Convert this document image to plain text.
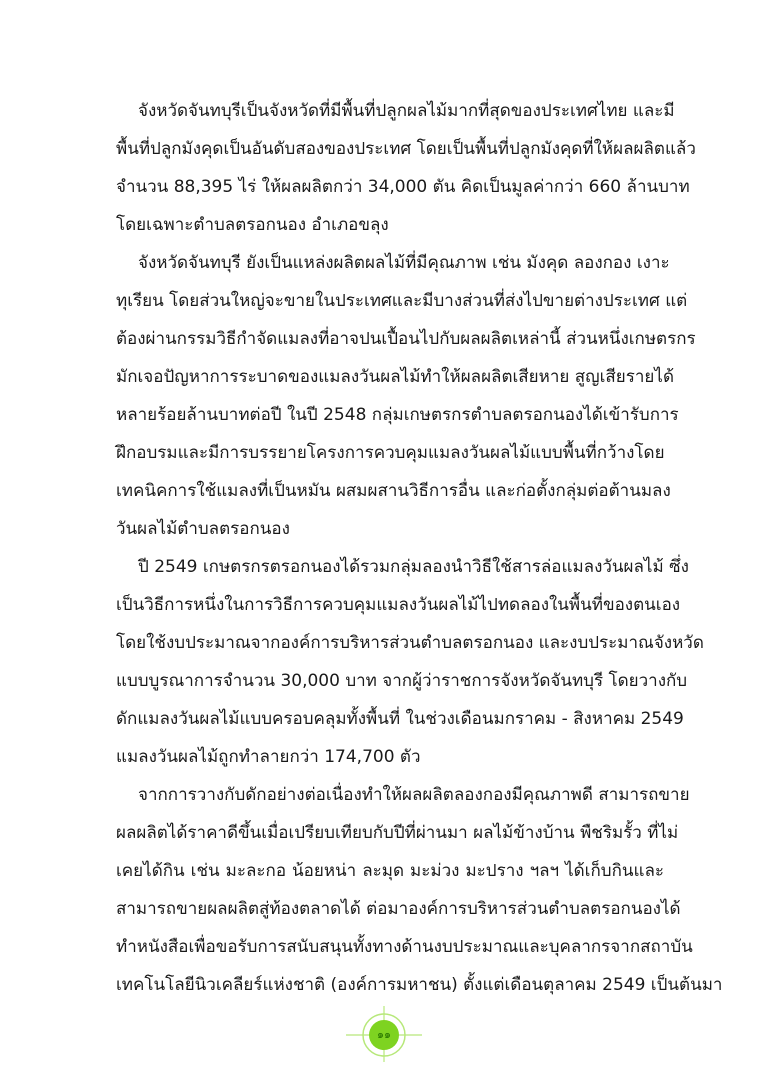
จังหวัดจันทบุรีเป็นจังหวัดที่มีพื้นที่ปลูกผลไม้มากที่สุดของประเทศไทย และมี
พื้นที่ปลูกมังคุดเป็นอันดับสองของประเทศ โดยเป็นพื้นที่ปลูกมังคุดที่ให้ผลผลิตแล้ว
จำนวน 88,395 ไร่ ให้ผลผลิตกว่า 34,000 ตัน คิดเป็นมูลค่ากว่า 660 ล้านบาท
โดยเฉพาะตำบลตรอกนอง อำเภอขลุง
จังหวัดจันทบุรี ยังเป็นแหล่งผลิตผลไม้ที่มีคุณภาพ เช่น มังคุด ลองกอง เงาะ
ทุเรียน โดยส่วนใหญ่จะขายในประเทศและมีบางส่วนที่ส่งไปขายต่างประเทศ แต่
ต้องผ่านกรรมวิธีกำจัดแมลงที่อาจปนเปื้อนไปกับผลผลิตเหล่านี้ ส่วนหนึ่งเกษตรกร
มักเจอปัญหาการระบาดของแมลงวันผลไม้ทำให้ผลผลิตเสียหาย สูญเสียรายได้
หลายร้อยล้านบาทต่อปี ในปี 2548 กลุ่มเกษตรกรตำบลตรอกนองได้เข้ารับการ
ฝึกอบรมและมีการบรรยายโครงการควบคุมแมลงวันผลไม้แบบพื้นที่กว้างโดย
เทคนิคการใช้แมลงที่เป็นหมัน ผสมผสานวิธีการอื่น และก่อตั้งกลุ่มต่อต้านมลง
วันผลไม้ตำบลตรอกนอง
ปี 2549 เกษตรกรตรอกนองได้รวมกลุ่มลองนำวิธีใช้สารล่อแมลงวันผลไม้ ซึ่ง
เป็นวิธีการหนึ่งในการวิธีการควบคุมแมลงวันผลไม้ไปทดลองในพื้นที่ของตนเอง
โดยใช้งบประมาณจากองค์การบริหารส่วนตำบลตรอกนอง และงบประมาณจังหวัด
แบบบูรณาการจำนวน 30,000 บาท จากผู้ว่าราชการจังหวัดจันทบุรี โดยวางกับ
ดักแมลงวันผลไม้แบบครอบคลุมทั้งพื้นที่ ในช่วงเดือนมกราคม - สิงหาคม 2549
แมลงวันผลไม้ถูกทำลายกว่า 174,700 ตัว
จากการวางกับดักอย่างต่อเนื่องทำให้ผลผลิตลองกองมีคุณภาพดี สามารถขาย
ผลผลิตได้ราคาดีขึ้นเมื่อเปรียบเทียบกับปีที่ผ่านมา ผลไม้ข้างบ้าน พืชริมรั้ว ที่ไม่
เคยได้กิน เช่น มะละกอ น้อยหน่า ละมุด มะม่วง มะปราง ฯลฯ ได้เก็บกินและ
สามารถขายผลผลิตสู่ท้องตลาดได้ ต่อมาองค์การบริหารส่วนตำบลตรอกนองได้
ทำหนังสือเพื่อขอรับการสนับสนุนทั้งทางด้านงบประมาณและบุคลากรจากสถาบัน
เทคโนโลยีนิวเคลียร์แห่งชาติ (องค์การมหาชน) ตั้งแต่เดือนตุลาคม 2549 เป็นต้นมา
๑๑
